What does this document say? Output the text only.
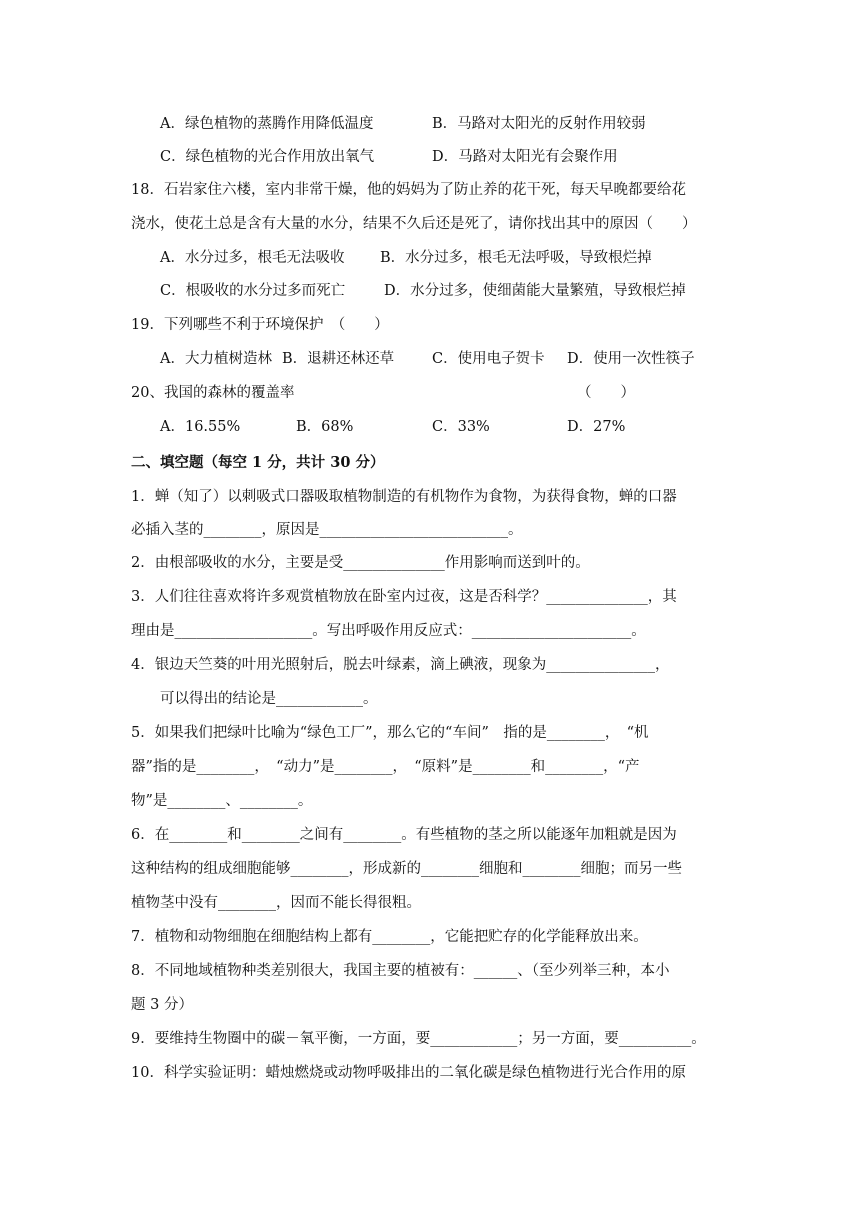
A．绿色植物的蒸腾作用降低温度	B．马路对太阳光的反射作用较弱
C．绿色植物的光合作用放出氧气	D．马路对太阳光有会聚作用
18．石岩家住六楼，室内非常干燥，他的妈妈为了防止养的花干死，每天早晚都要给花
浇水，使花土总是含有大量的水分，结果不久后还是死了，请你找出其中的原因（　　）
A．水分过多，根毛无法吸收 B．水分过多，根毛无法呼吸，导致根烂掉
C．根吸收的水分过多而死亡	D．水分过多，使细菌能大量繁殖，导致根烂掉
19．下列哪些不利于环境保护　（　　）
A．大力植树造林 B．退耕还林还草	C．使用电子贺卡 D．使用一次性筷子
20、我国的森林的覆盖率	（　　）
A．16.55%	B．68%	C．33%	D．27%
二、填空题（每空 1 分，共计 30 分）
1．蝉（知了）以刺吸式口器吸取植物制造的有机物作为食物，为获得食物，蝉的口器
必插入茎的________，原因是__________________________。
2．由根部吸收的水分，主要是受______________作用影响而送到叶的。
3．人们往往喜欢将许多观赏植物放在卧室内过夜，这是否科学？______________，其
理由是___________________。写出呼吸作用反应式：______________________。
4．银边天竺葵的叶用光照射后，脱去叶绿素，滴上碘液，现象为_______________，
可以得出的结论是____________。
5．如果我们把绿叶比喻为“绿色工厂”，那么它的“车间”　指的是________，　“机
器”指的是________，　“动力”是________，　“原料”是________和________，“产
物”是________、________。
6．在________和________之间有________。有些植物的茎之所以能逐年加粗就是因为
这种结构的组成细胞能够________，形成新的________细胞和________细胞；而另一些
植物茎中没有________，因而不能长得很粗。
7．植物和动物细胞在细胞结构上都有________，它能把贮存的化学能释放出来。
8．不同地域植物种类差别很大，我国主要的植被有：______、（至少列举三种，本小
题 3 分）
9．要维持生物圈中的碳－氧平衡，一方面，要____________；另一方面，要__________。
10．科学实验证明：蜡烛燃烧或动物呼吸排出的二氧化碳是绿色植物进行光合作用的原
